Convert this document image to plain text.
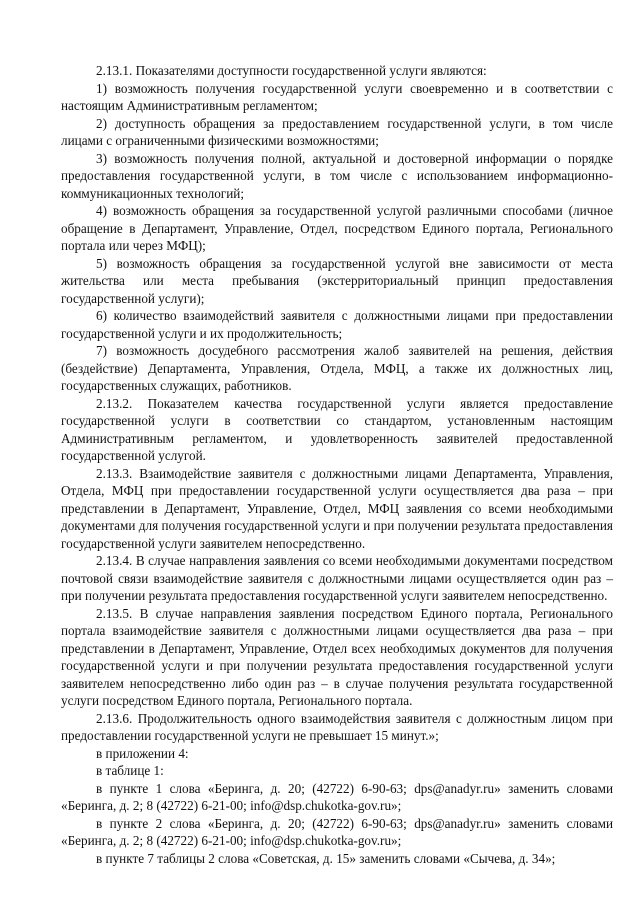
2.13.1. Показателями доступности государственной услуги являются:

1) возможность получения государственной услуги своевременно и в соответствии с настоящим Административным регламентом;

2) доступность обращения за предоставлением государственной услуги, в том числе лицами с ограниченными физическими возможностями;

3) возможность получения полной, актуальной и достоверной информации о порядке предоставления государственной услуги, в том числе с использованием информационно-коммуникационных технологий;

4) возможность обращения за государственной услугой различными способами (личное обращение в Департамент, Управление, Отдел, посредством Единого портала, Регионального портала или через МФЦ);

5) возможность обращения за государственной услугой вне зависимости от места жительства или места пребывания (экстерриториальный принцип предоставления государственной услуги);

6) количество взаимодействий заявителя с должностными лицами при предоставлении государственной услуги и их продолжительность;

7) возможность досудебного рассмотрения жалоб заявителей на решения, действия (бездействие) Департамента, Управления, Отдела, МФЦ, а также их должностных лиц, государственных служащих, работников.

2.13.2. Показателем качества государственной услуги является предоставление государственной услуги в соответствии со стандартом, установленным настоящим Административным регламентом, и удовлетворенность заявителей предоставленной государственной услугой.

2.13.3. Взаимодействие заявителя с должностными лицами Департамента, Управления, Отдела, МФЦ при предоставлении государственной услуги осуществляется два раза – при представлении в Департамент, Управление, Отдел, МФЦ заявления со всеми необходимыми документами для получения государственной услуги и при получении результата предоставления государственной услуги заявителем непосредственно.

2.13.4. В случае направления заявления со всеми необходимыми документами посредством почтовой связи взаимодействие заявителя с должностными лицами осуществляется один раз – при получении результата предоставления государственной услуги заявителем непосредственно.

2.13.5. В случае направления заявления посредством Единого портала, Регионального портала взаимодействие заявителя с должностными лицами осуществляется два раза – при представлении в Департамент, Управление, Отдел всех необходимых документов для получения государственной услуги и при получении результата предоставления государственной услуги заявителем непосредственно либо один раз – в случае получения результата государственной услуги посредством Единого портала, Регионального портала.

2.13.6. Продолжительность одного взаимодействия заявителя с должностным лицом при предоставлении государственной услуги не превышает 15 минут.»;

в приложении 4:

в таблице 1:

в пункте 1 слова «Беринга, д. 20; (42722) 6-90-63; dps@anadyr.ru» заменить словами «Беринга, д. 2; 8 (42722) 6-21-00; info@dsp.chukotka-gov.ru»;

в пункте 2 слова «Беринга, д. 20; (42722) 6-90-63; dps@anadyr.ru» заменить словами «Беринга, д. 2; 8 (42722) 6-21-00; info@dsp.chukotka-gov.ru»;

в пункте 7 таблицы 2 слова «Советская, д. 15» заменить словами «Сычева, д. 34»;
